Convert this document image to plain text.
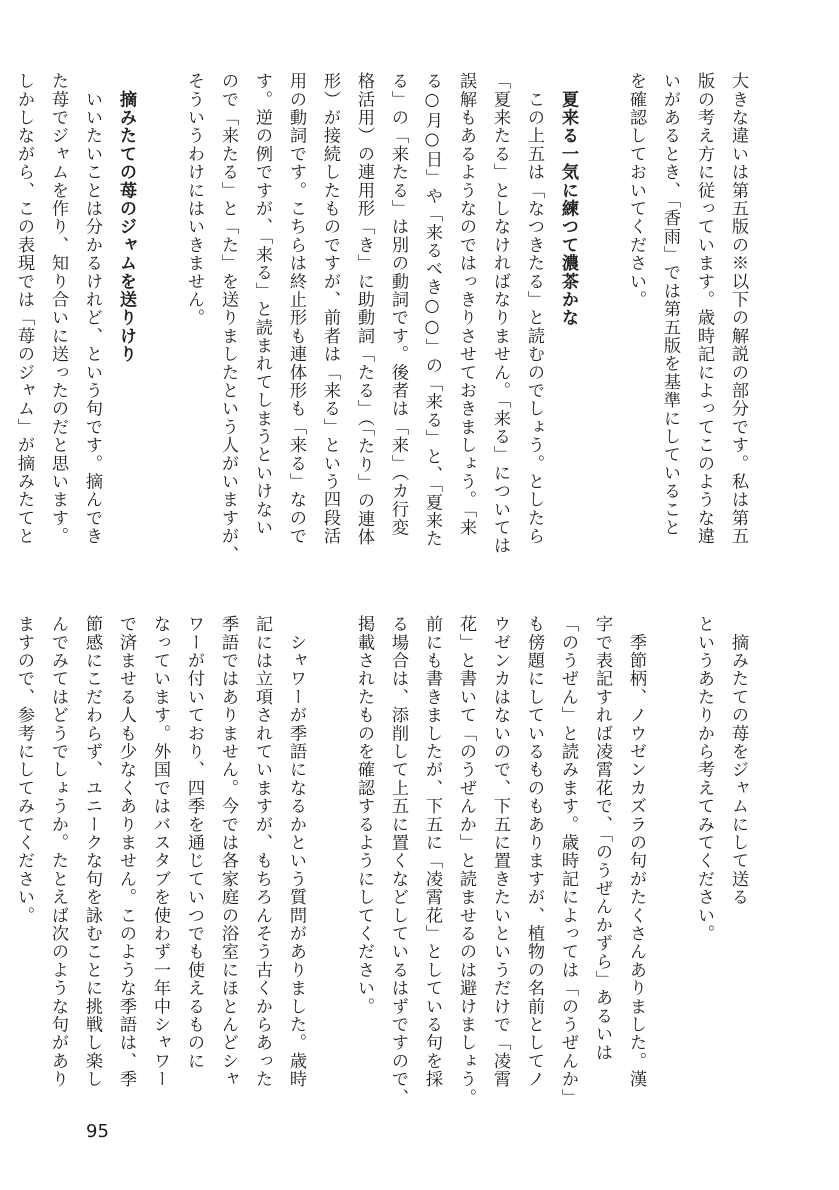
大きな違いは第五版の※以下の解説の部分です。私は第五
版の考え方に従っています。歳時記によってこのような違
いがあるとき、「香雨」では第五版を基準にしていること
を確認しておいてください。
　夏来る一気に練つて濃茶かな
　この上五は「なつきたる」と読むのでしょう。としたら
「夏来たる」としなければなりません。「来る」については
誤解もあるようなのではっきりさせておきましょう。「来
る○月○日」や「来るべき○○」の「来る」と、「夏来た
る」の「来たる」は別の動詞です。後者は「来」（カ行変
格活用）の連用形「き」に助動詞「たる」（「たり」の連体
形）が接続したものですが、前者は「来る」という四段活
用の動詞です。こちらは終止形も連体形も「来る」なので
す。逆の例ですが、「来る」と読まれてしまうといけない
ので「来たる」と「た」を送りましたという人がいますが、
そういうわけにはいきません。
　摘みたての苺のジャムを送りけり
　いいたいことは分かるけれど、という句です。摘んでき
た苺でジャムを作り、知り合いに送ったのだと思います。
しかしながら、この表現では「苺のジャム」が摘みたてと
　摘みたての苺をジャムにして送る
というあたりから考えてみてください。
　季節柄、ノウゼンカズラの句がたくさんありました。漢
字で表記すれば凌霄花で、「のうぜんかずら」あるいは
「のうぜん」と読みます。歳時記によっては「のうぜんか」
も傍題にしているものもありますが、植物の名前としてノ
ウゼンカはないので、下五に置きたいというだけで「凌霄
花」と書いて「のうぜんか」と読ませるのは避けましょう。
前にも書きましたが、下五に「凌霄花」としている句を採
る場合は、添削して上五に置くなどしているはずですので、
掲載されたものを確認するようにしてください。
　シャワーが季語になるかという質問がありました。歳時
記には立項されていますが、もちろんそう古くからあった
季語ではありません。今では各家庭の浴室にほとんどシャ
ワーが付いており、四季を通じていつでも使えるものに
なっています。外国ではバスタブを使わず一年中シャワー
で済ませる人も少なくありません。このような季語は、季
節感にこだわらず、ユニークな句を詠むことに挑戦し楽し
んでみてはどうでしょうか。たとえば次のような句があり
ますので、参考にしてみてください。
95
